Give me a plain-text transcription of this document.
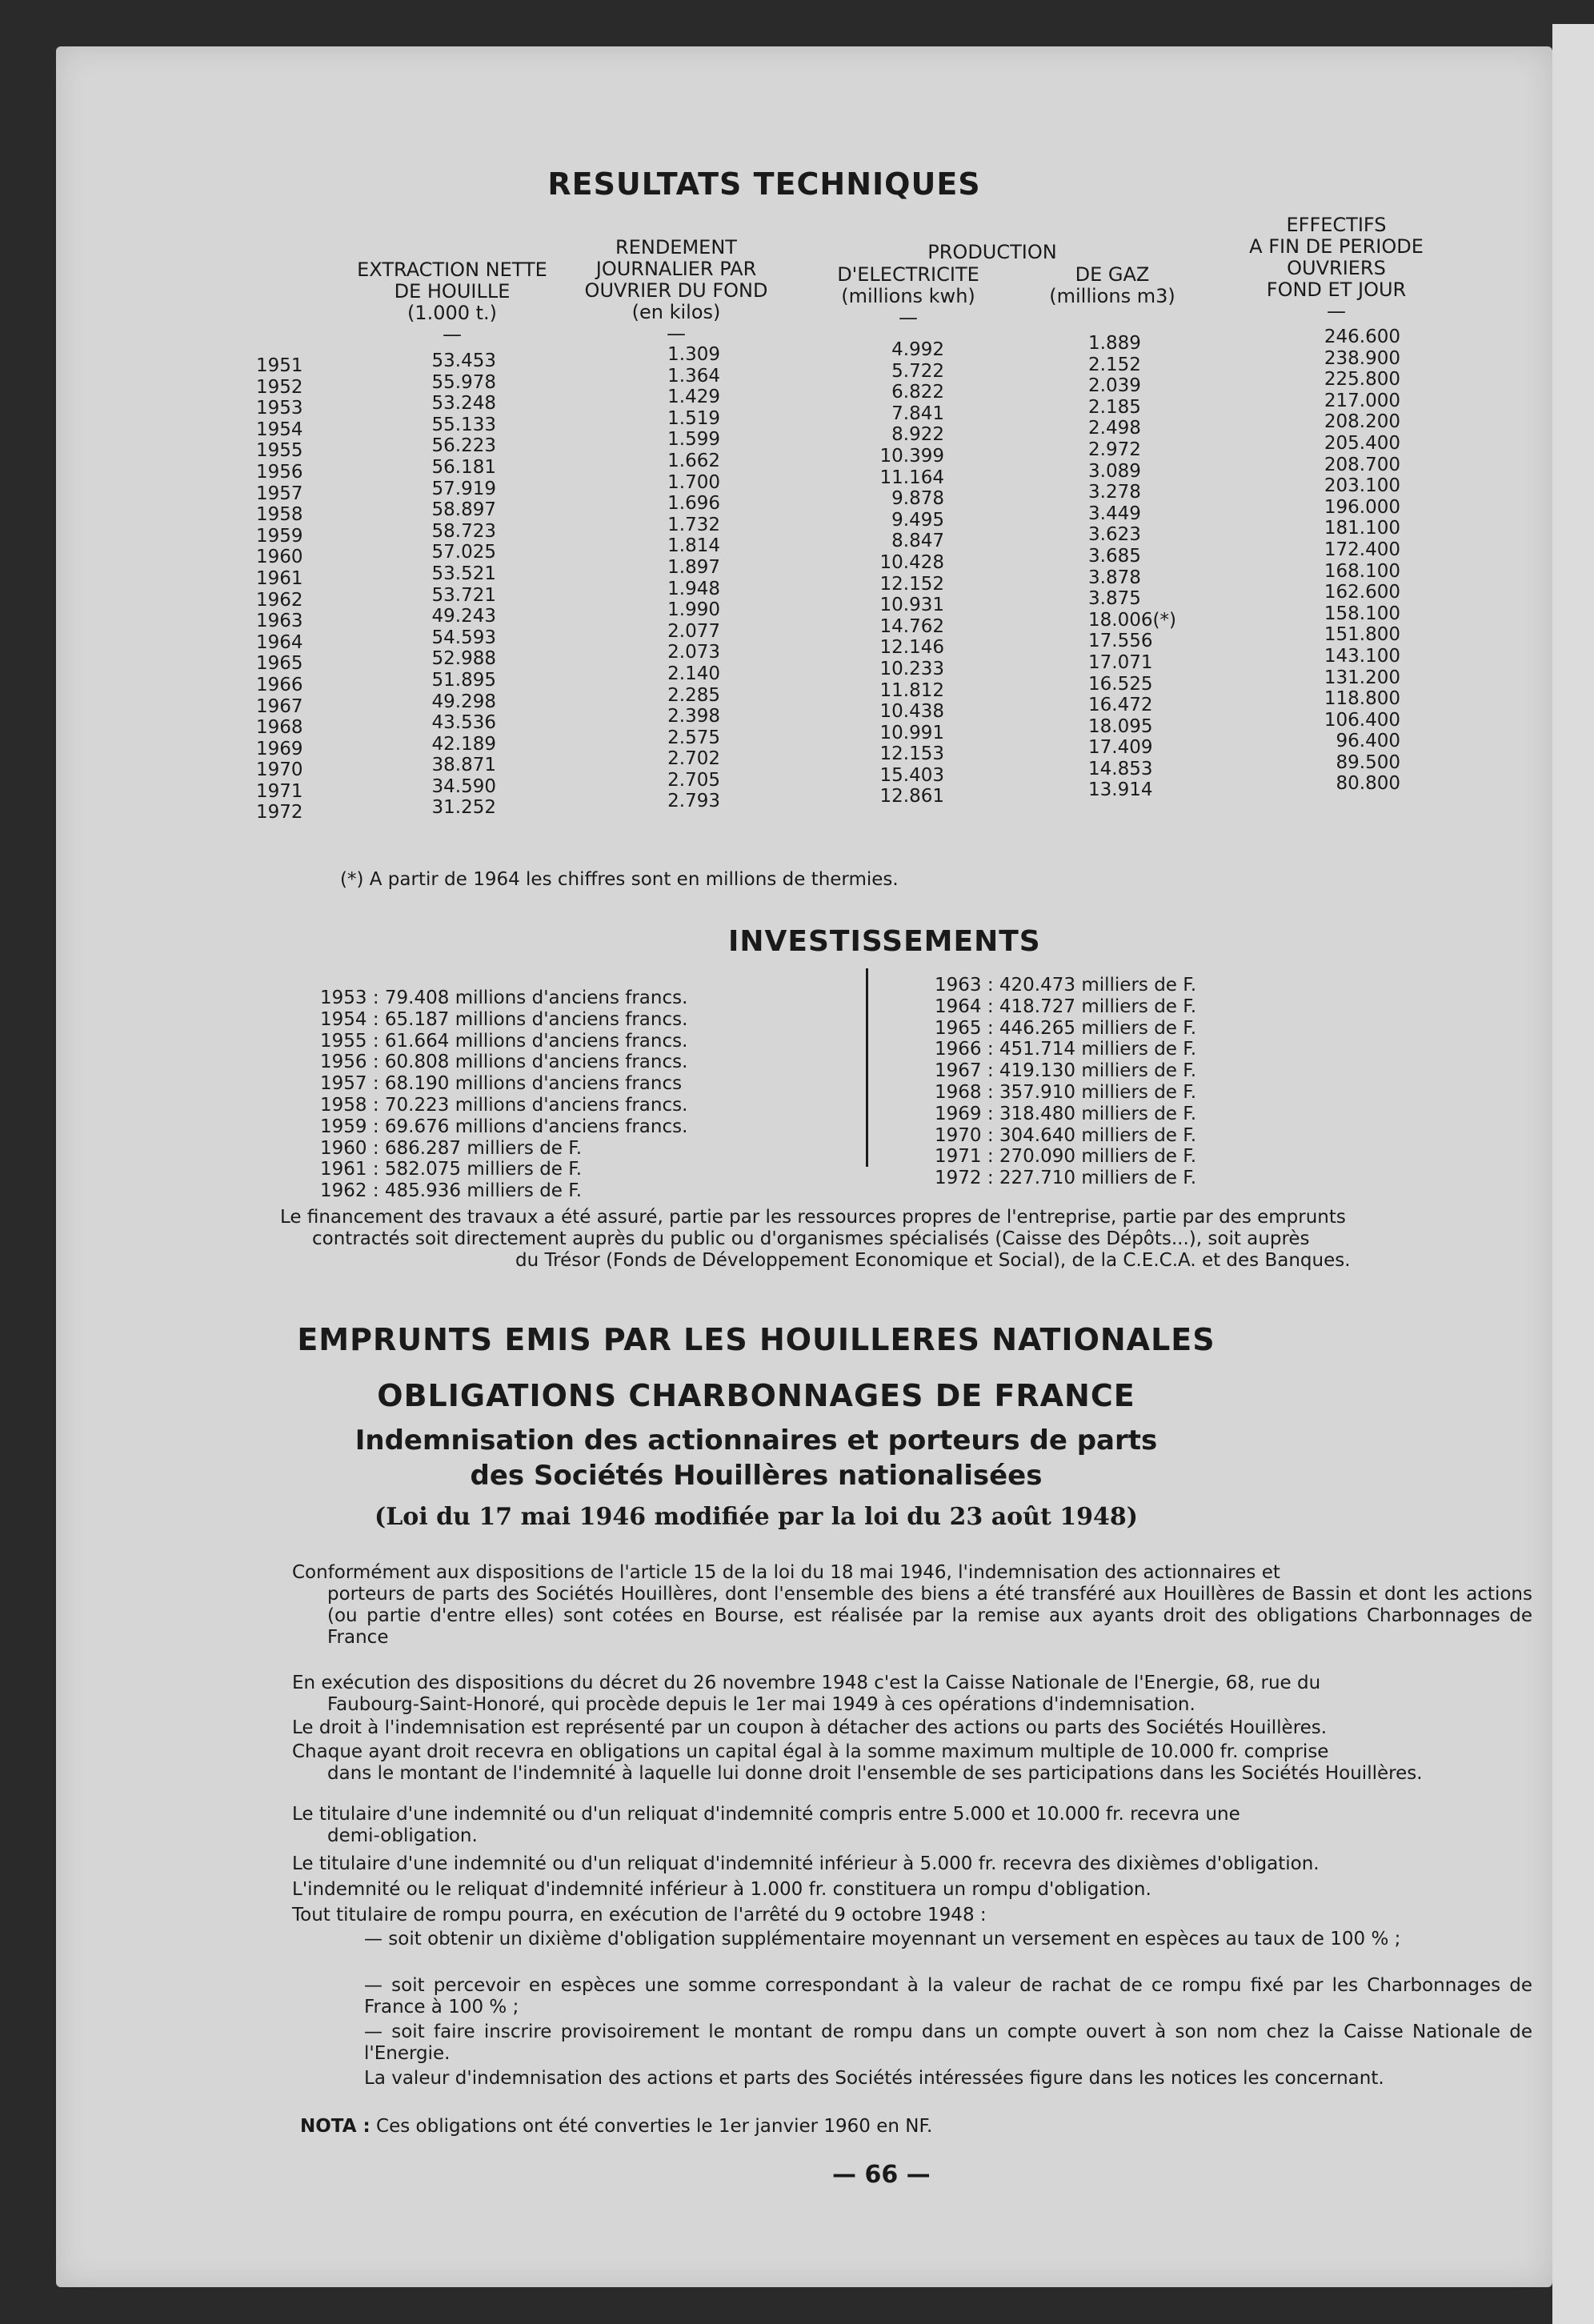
RESULTATS TECHNIQUES
EXTRACTION NETTE
DE HOUILLE
(1.000 t.)
—
RENDEMENT
JOURNALIER PAR
OUVRIER DU FOND
(en kilos)
—
PRODUCTION
D'ELECTRICITE
(millions kwh)
—
DE GAZ
(millions m3)
EFFECTIFS
A FIN DE PERIODE
OUVRIERS
FOND ET JOUR
—
1951
1952
1953
1954
1955
1956
1957
1958
1959
1960
1961
1962
1963
1964
1965
1966
1967
1968
1969
1970
1971
1972
53.453
55.978
53.248
55.133
56.223
56.181
57.919
58.897
58.723
57.025
53.521
53.721
49.243
54.593
52.988
51.895
49.298
43.536
42.189
38.871
34.590
31.252
1.309
1.364
1.429
1.519
1.599
1.662
1.700
1.696
1.732
1.814
1.897
1.948
1.990
2.077
2.073
2.140
2.285
2.398
2.575
2.702
2.705
2.793
4.992
5.722
6.822
7.841
8.922
10.399
11.164
9.878
9.495
8.847
10.428
12.152
10.931
14.762
12.146
10.233
11.812
10.438
10.991
12.153
15.403
12.861
1.889
2.152
2.039
2.185
2.498
2.972
3.089
3.278
3.449
3.623
3.685
3.878
3.875
18.006(*)
17.556
17.071
16.525
16.472
18.095
17.409
14.853
13.914
246.600
238.900
225.800
217.000
208.200
205.400
208.700
203.100
196.000
181.100
172.400
168.100
162.600
158.100
151.800
143.100
131.200
118.800
106.400
96.400
89.500
80.800
(*) A partir de 1964 les chiffres sont en millions de thermies.
INVESTISSEMENTS
1953 : 79.408 millions d'anciens francs.
1954 : 65.187 millions d'anciens francs.
1955 : 61.664 millions d'anciens francs.
1956 : 60.808 millions d'anciens francs.
1957 : 68.190 millions d'anciens francs
1958 : 70.223 millions d'anciens francs.
1959 : 69.676 millions d'anciens francs.
1960 : 686.287 milliers de F.
1961 : 582.075 milliers de F.
1962 : 485.936 milliers de F.
1963 : 420.473 milliers de F.
1964 : 418.727 milliers de F.
1965 : 446.265 milliers de F.
1966 : 451.714 milliers de F.
1967 : 419.130 milliers de F.
1968 : 357.910 milliers de F.
1969 : 318.480 milliers de F.
1970 : 304.640 milliers de F.
1971 : 270.090 milliers de F.
1972 : 227.710 milliers de F.
Le financement des travaux a été assuré, partie par les ressources propres de l'entreprise, partie par des emprunts
contractés soit directement auprès du public ou d'organismes spécialisés (Caisse des Dépôts...), soit auprès
du Trésor (Fonds de Développement Economique et Social), de la C.E.C.A. et des Banques.
EMPRUNTS EMIS PAR LES HOUILLERES NATIONALES
OBLIGATIONS CHARBONNAGES DE FRANCE
Indemnisation des actionnaires et porteurs de parts
des Sociétés Houillères nationalisées
(Loi du 17 mai 1946 modifiée par la loi du 23 août 1948)
Conformément aux dispositions de l'article 15 de la loi du 18 mai 1946, l'indemnisation des actionnaires et
porteurs de parts des Sociétés Houillères, dont l'ensemble des biens a été transféré aux Houillères de Bassin et dont les actions (ou partie d'entre elles) sont cotées en Bourse, est réalisée par la remise aux ayants droit des obligations Charbonnages de France
En exécution des dispositions du décret du 26 novembre 1948 c'est la Caisse Nationale de l'Energie, 68, rue du
Faubourg-Saint-Honoré, qui procède depuis le 1er mai 1949 à ces opérations d'indemnisation.
Le droit à l'indemnisation est représenté par un coupon à détacher des actions ou parts des Sociétés Houillères.
Chaque ayant droit recevra en obligations un capital égal à la somme maximum multiple de 10.000 fr. comprise
dans le montant de l'indemnité à laquelle lui donne droit l'ensemble de ses participations dans les Sociétés Houillères.
Le titulaire d'une indemnité ou d'un reliquat d'indemnité compris entre 5.000 et 10.000 fr. recevra une
demi-obligation.
Le titulaire d'une indemnité ou d'un reliquat d'indemnité inférieur à 5.000 fr. recevra des dixièmes d'obligation.
L'indemnité ou le reliquat d'indemnité inférieur à 1.000 fr. constituera un rompu d'obligation.
Tout titulaire de rompu pourra, en exécution de l'arrêté du 9 octobre 1948 :
— soit obtenir un dixième d'obligation supplémentaire moyennant un versement en espèces au taux de 100 % ;
— soit percevoir en espèces une somme correspondant à la valeur de rachat de ce rompu fixé par les Charbonnages de France à 100 % ;
— soit faire inscrire provisoirement le montant de rompu dans un compte ouvert à son nom chez la Caisse Nationale de l'Energie.
La valeur d'indemnisation des actions et parts des Sociétés intéressées figure dans les notices les concernant.
NOTA : Ces obligations ont été converties le 1er janvier 1960 en NF.
— 66 —
